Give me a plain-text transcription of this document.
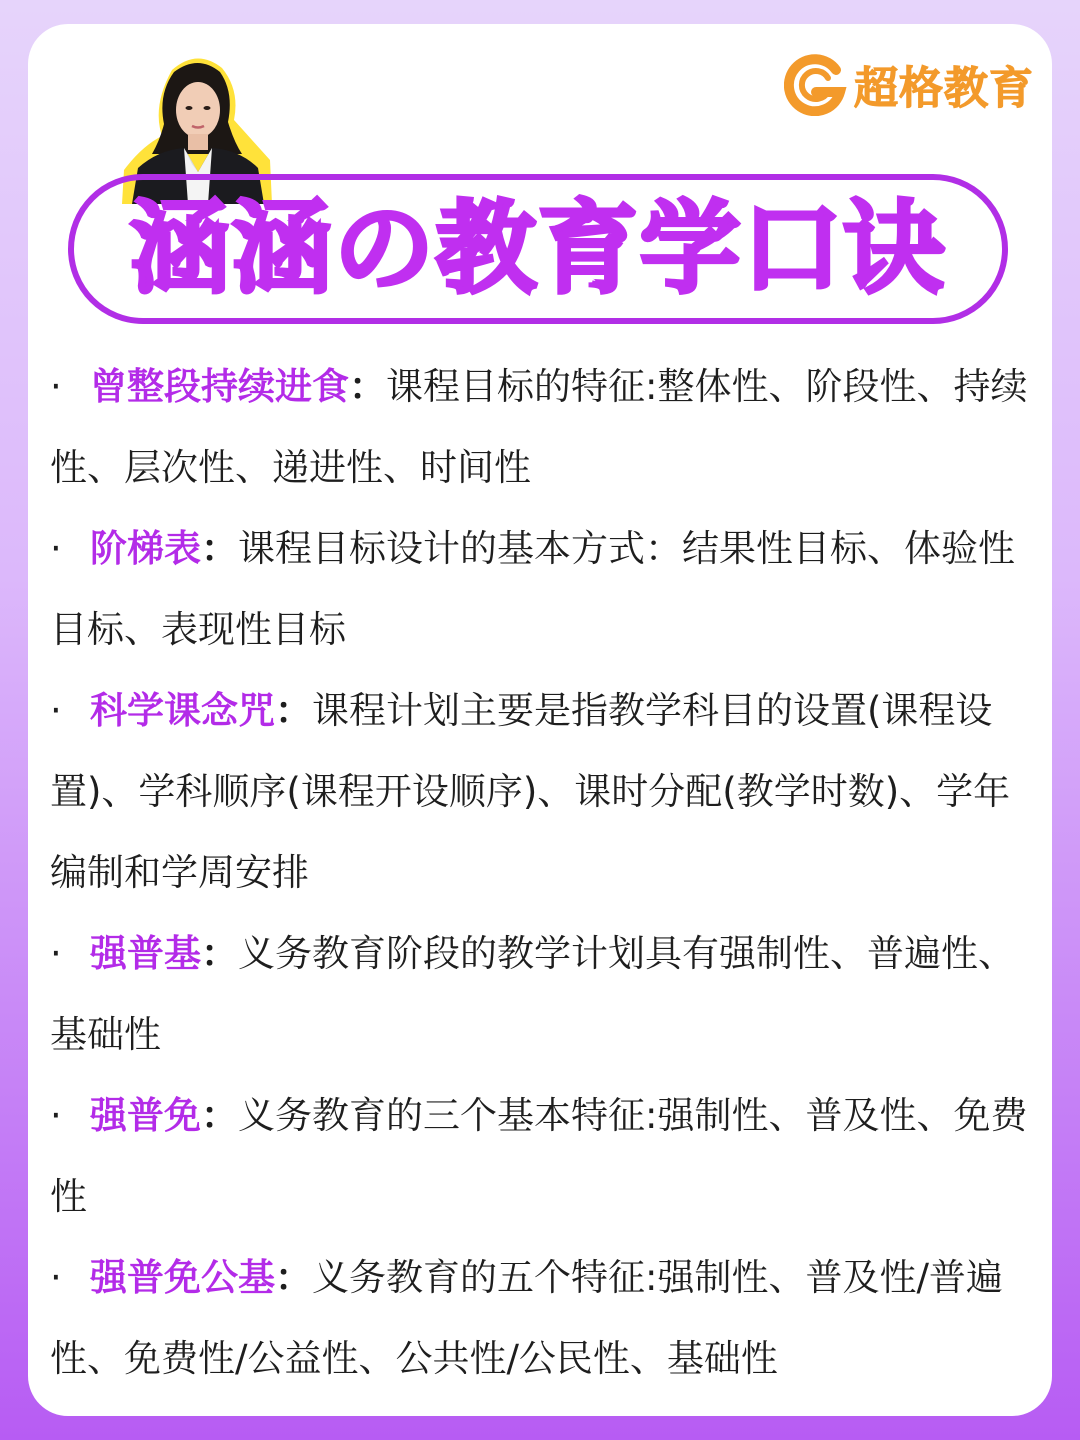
超格教育
涵涵の教育学口诀

· 曾整段持续进食：课程目标的特征:整体性、阶段性、持续性、层次性、递进性、时间性

· 阶梯表：课程目标设计的基本方式：结果性目标、体验性目标、表现性目标

· 科学课念咒：课程计划主要是指教学科目的设置(课程设置)、学科顺序(课程开设顺序)、课时分配(教学时数)、学年编制和学周安排

· 强普基：义务教育阶段的教学计划具有强制性、普遍性、基础性

· 强普免：义务教育的三个基本特征:强制性、普及性、免费性

· 强普免公基：义务教育的五个特征:强制性、普及性/普遍性、免费性/公益性、公共性/公民性、基础性
